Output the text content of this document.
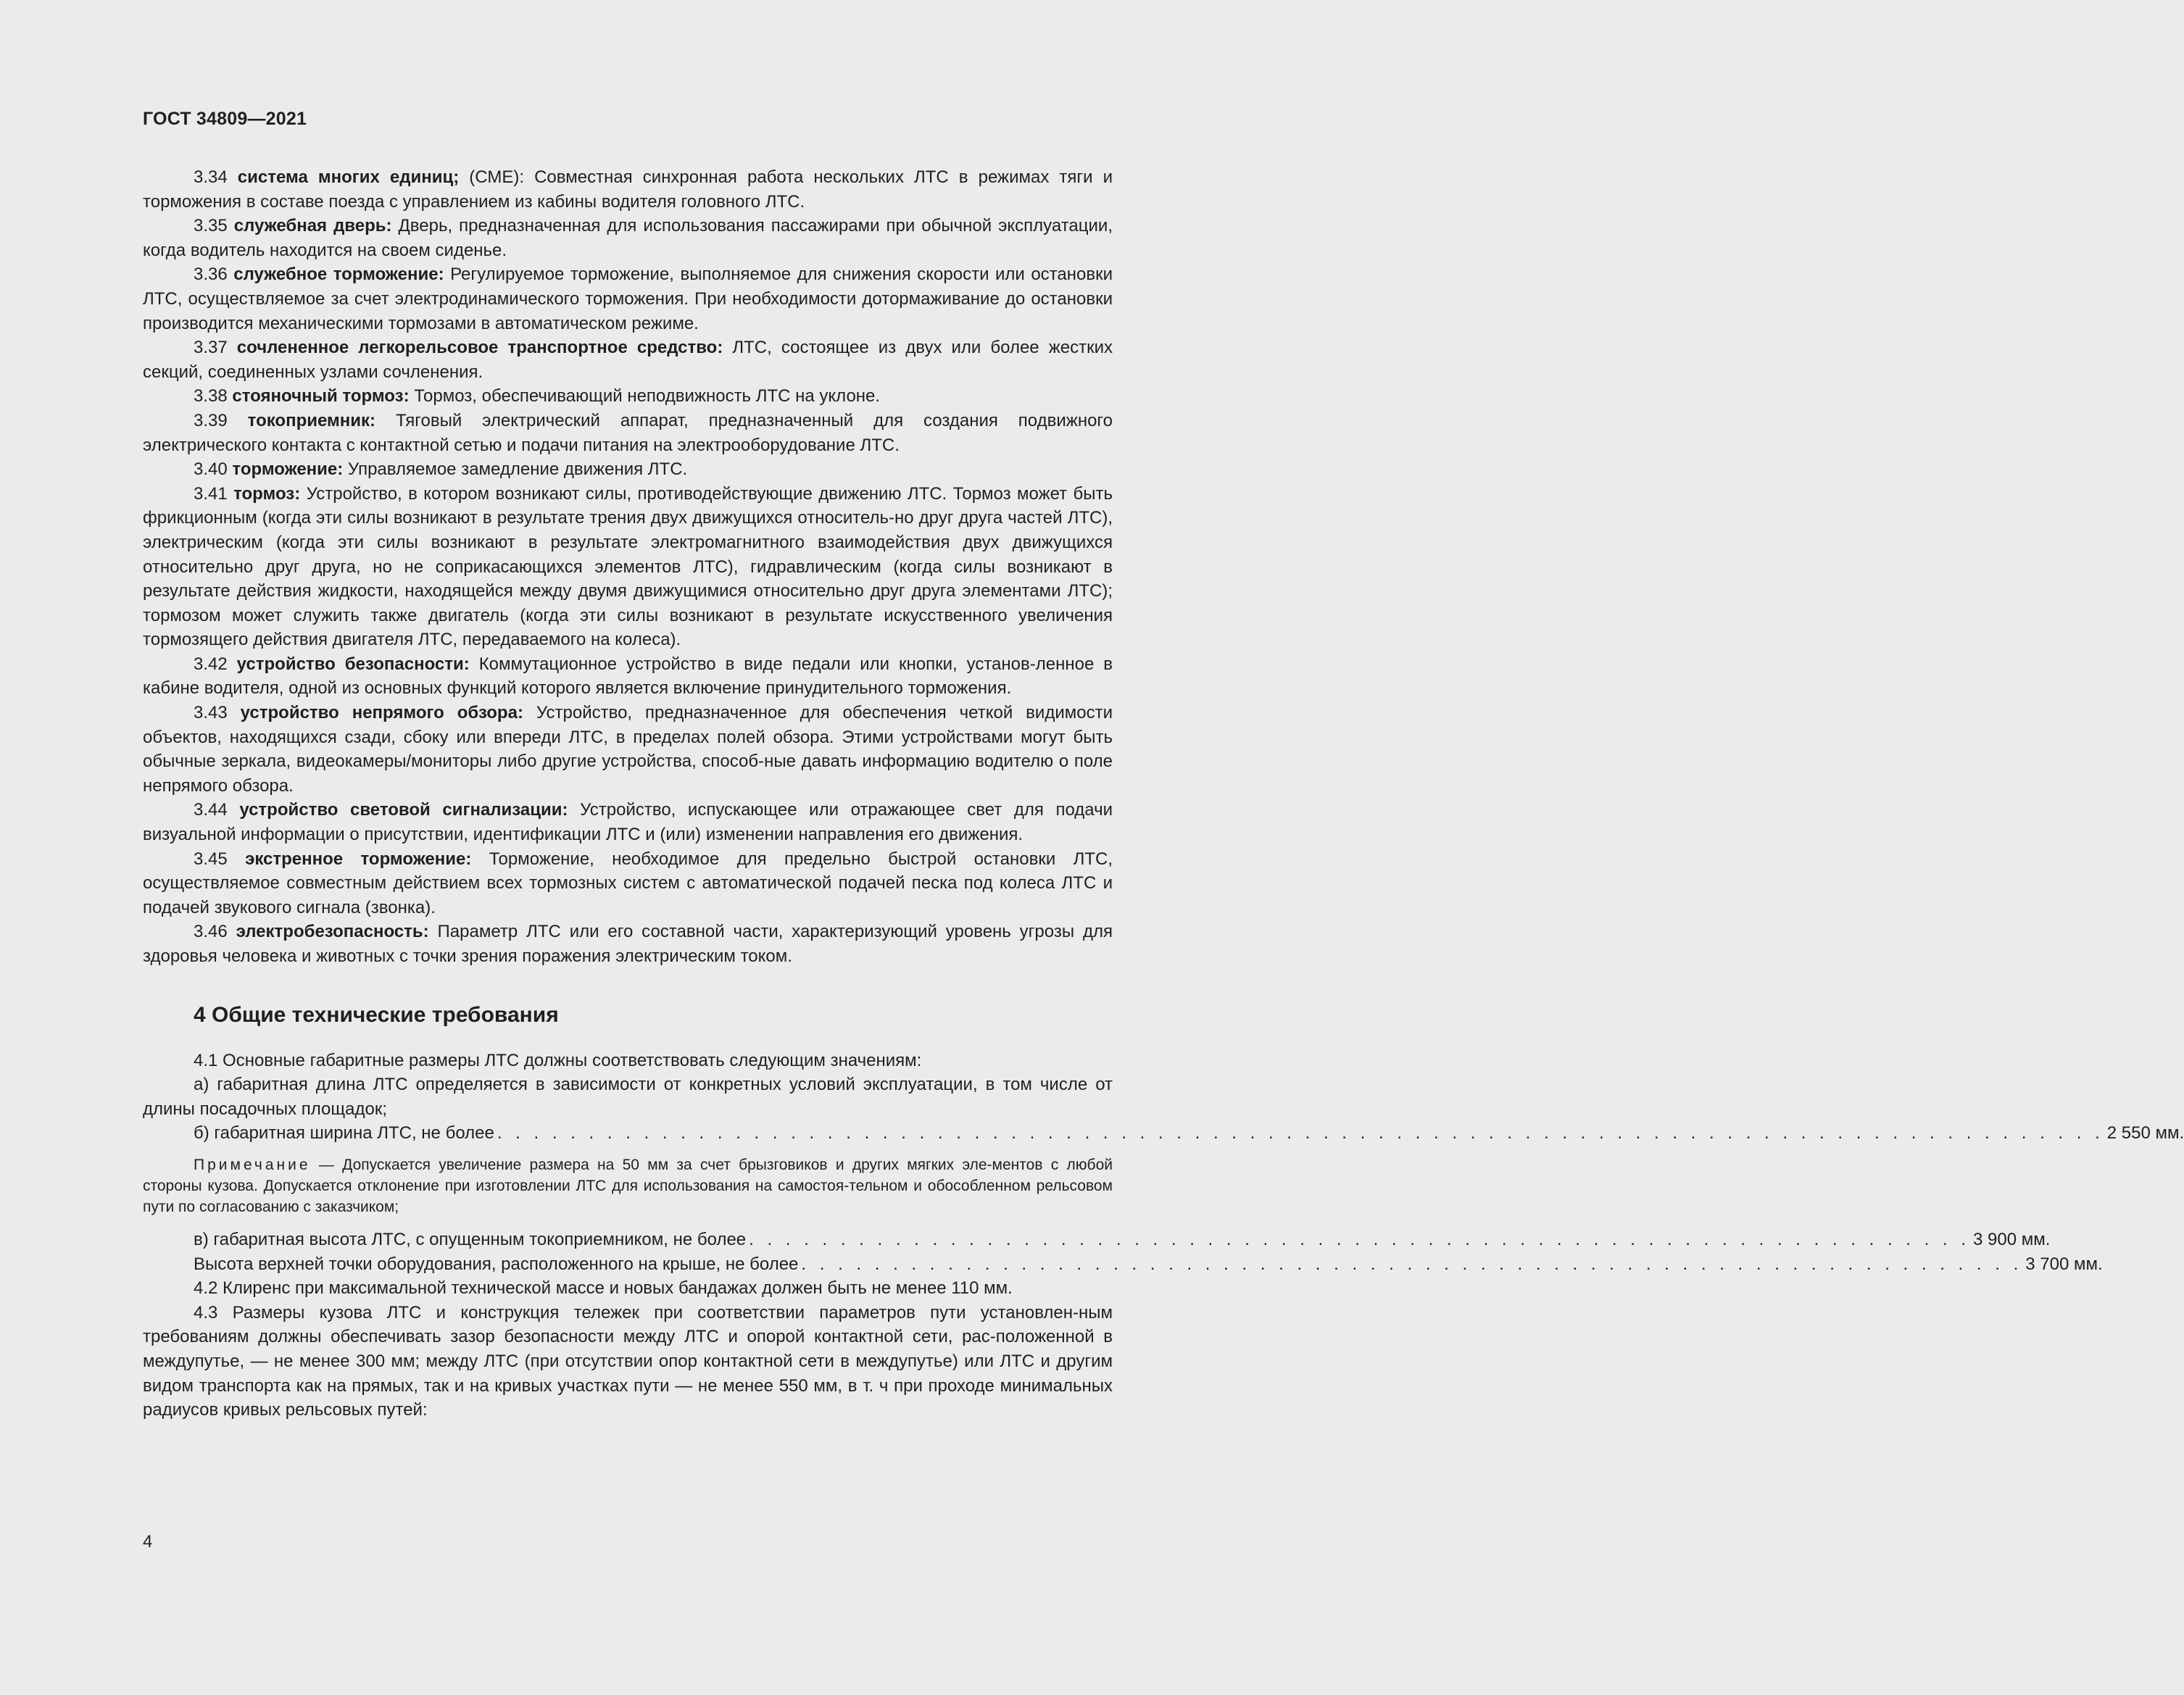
ГОСТ 34809—2021

3.34 система многих единиц; (СМЕ): Совместная синхронная работа нескольких ЛТС в режимах тяги и торможения в составе поезда с управлением из кабины водителя головного ЛТС.

3.35 служебная дверь: Дверь, предназначенная для использования пассажирами при обычной эксплуатации, когда водитель находится на своем сиденье.

3.36 служебное торможение: Регулируемое торможение, выполняемое для снижения скорости или остановки ЛТС, осуществляемое за счет электродинамического торможения. При необходимости дотормаживание до остановки производится механическими тормозами в автоматическом режиме.

3.37 сочлененное легкорельсовое транспортное средство: ЛТС, состоящее из двух или более жестких секций, соединенных узлами сочленения.

3.38 стояночный тормоз: Тормоз, обеспечивающий неподвижность ЛТС на уклоне.

3.39 токоприемник: Тяговый электрический аппарат, предназначенный для создания подвижного электрического контакта с контактной сетью и подачи питания на электрооборудование ЛТС.

3.40 торможение: Управляемое замедление движения ЛТС.

3.41 тормоз: Устройство, в котором возникают силы, противодействующие движению ЛТС. Тормоз может быть фрикционным (когда эти силы возникают в результате трения двух движущихся относитель-но друг друга частей ЛТС), электрическим (когда эти силы возникают в результате электромагнитного взаимодействия двух движущихся относительно друг друга, но не соприкасающихся элементов ЛТС), гидравлическим (когда силы возникают в результате действия жидкости, находящейся между двумя движущимися относительно друг друга элементами ЛТС); тормозом может служить также двигатель (когда эти силы возникают в результате искусственного увеличения тормозящего действия двигателя ЛТС, передаваемого на колеса).

3.42 устройство безопасности: Коммутационное устройство в виде педали или кнопки, установ-ленное в кабине водителя, одной из основных функций которого является включение принудительного торможения.

3.43 устройство непрямого обзора: Устройство, предназначенное для обеспечения четкой видимости объектов, находящихся сзади, сбоку или впереди ЛТС, в пределах полей обзора. Этими устройствами могут быть обычные зеркала, видеокамеры/мониторы либо другие устройства, способ-ные давать информацию водителю о поле непрямого обзора.

3.44 устройство световой сигнализации: Устройство, испускающее или отражающее свет для подачи визуальной информации о присутствии, идентификации ЛТС и (или) изменении направления его движения.

3.45 экстренное торможение: Торможение, необходимое для предельно быстрой остановки ЛТС, осуществляемое совместным действием всех тормозных систем с автоматической подачей песка под колеса ЛТС и подачей звукового сигнала (звонка).

3.46 электробезопасность: Параметр ЛТС или его составной части, характеризующий уровень угрозы для здоровья человека и животных с точки зрения поражения электрическим током.

4 Общие технические требования

4.1 Основные габаритные размеры ЛТС должны соответствовать следующим значениям:

а) габаритная длина ЛТС определяется в зависимости от конкретных условий эксплуатации, в том числе от длины посадочных площадок;

б) габаритная ширина ЛТС, не более . . . . . . . . . . . . . . . . . . . . . . . . . . . . . . . . . . . . . . . . . . . . . . . . . . . . . . . . . . . . . . . . . . . . . . . . . . . . . . . . . . . . . . . . 2 550 мм.
Примечание — Допускается увеличение размера на 50 мм за счет брызговиков и других мягких эле-ментов с любой стороны кузова. Допускается отклонение при изготовлении ЛТС для использования на самостоя-тельном и обособленном рельсовом пути по согласованию с заказчиком;
в) габаритная высота ЛТС, с опущенным токоприемником, не более . . . . . . . . . . . . . . . . . . . . . . . . . . . . . . . . . . . . . . . . . . . . . . . . . . . . . . . . . . . . . . . . . . . 3 900 мм.
Высота верхней точки оборудования, расположенного на крыше, не более . . . . . . . . . . . . . . . . . . . . . . . . . . . . . . . . . . . . . . . . . . . . . . . . . . . . . . . . . . . . . . . . . . . 3 700 мм.

4.2 Клиренс при максимальной технической массе и новых бандажах должен быть не менее 110 мм.

4.3 Размеры кузова ЛТС и конструкция тележек при соответствии параметров пути установлен-ным требованиям должны обеспечивать зазор безопасности между ЛТС и опорой контактной сети, рас-положенной в междупутье, — не менее 300 мм; между ЛТС (при отсутствии опор контактной сети в междупутье) или ЛТС и другим видом транспорта как на прямых, так и на кривых участках пути — не менее 550 мм, в т. ч при проходе минимальных радиусов кривых рельсовых путей:

4
